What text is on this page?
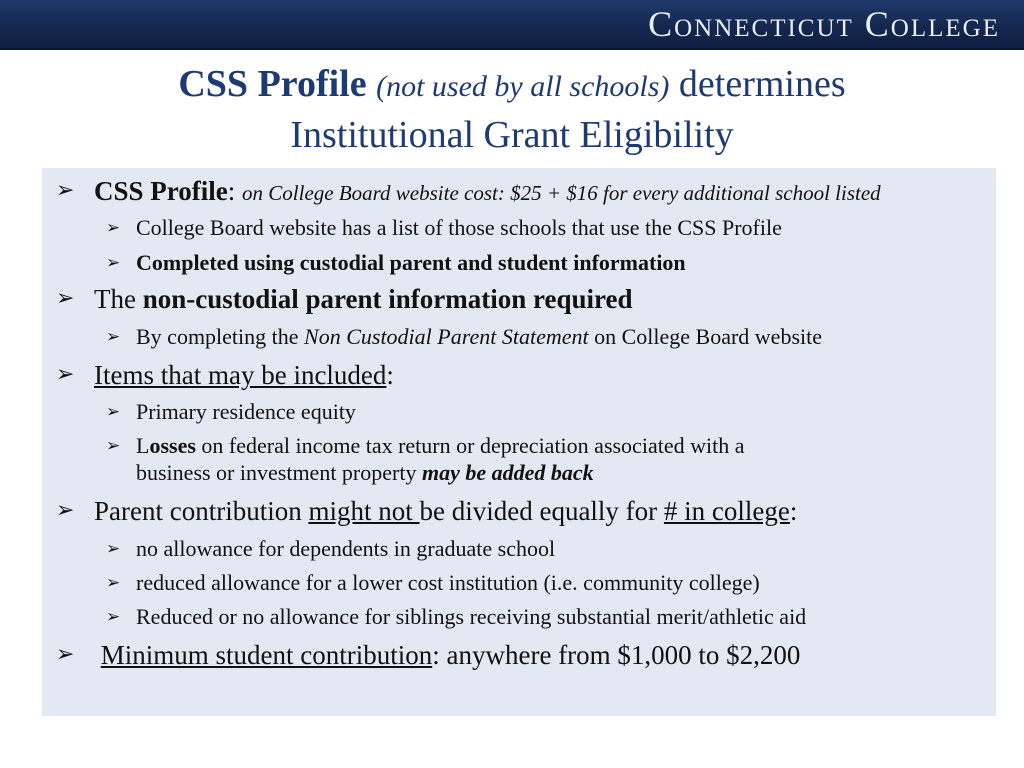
Connecticut College
CSS Profile (not used by all schools) determines
Institutional Grant Eligibility
➢ CSS Profile: on College Board website cost: $25 + $16 for every additional school listed
➢ College Board website has a list of those schools that use the CSS Profile
➢ Completed using custodial parent and student information
➢ The non-custodial parent information required
➢ By completing the Non Custodial Parent Statement on College Board website
➢ Items that may be included:
➢ Primary residence equity
➢ Losses on federal income tax return or depreciation associated with a
business or investment property may be added back
➢ Parent contribution might not be divided equally for # in college:
➢ no allowance for dependents in graduate school
➢ reduced allowance for a lower cost institution (i.e. community college)
➢ Reduced or no allowance for siblings receiving substantial merit/athletic aid
➢ Minimum student contribution: anywhere from $1,000 to $2,200
